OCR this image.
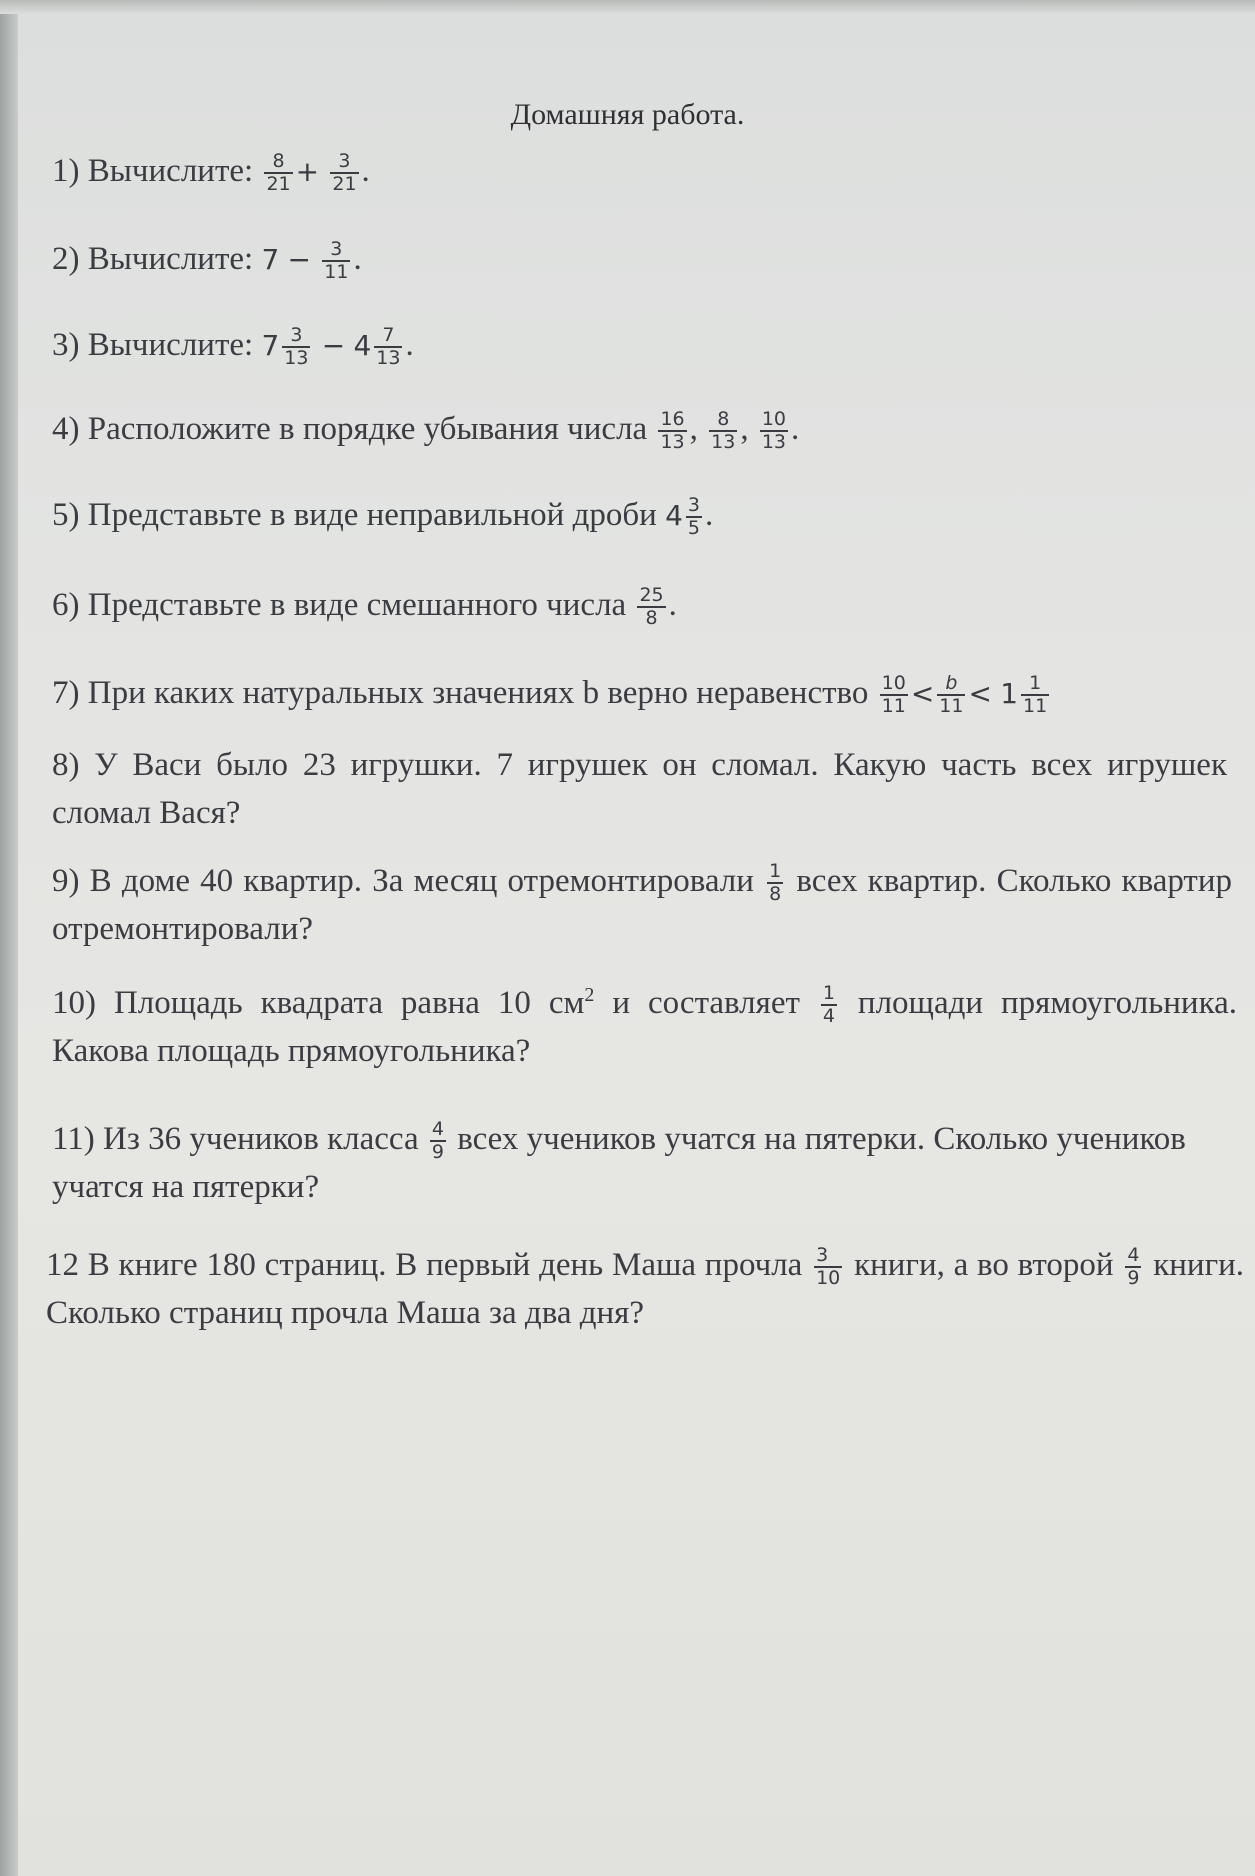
Домашняя работа.
1) Вычислите: $\frac{8}{21} + \frac{3}{21}$ .
2) Вычислите: $7 - \frac{3}{11}$ .
3) Вычислите: $7 \frac{3}{13} - 4 \frac{7}{13}$ .
4) Расположите в порядке убывания числа $\frac{16}{13}$ , $\frac{8}{13}$ , $\frac{10}{13}$ .
5) Представьте в виде неправильной дроби $4 \frac{3}{5}$ .
6) Представьте в виде смешанного числа $\frac{25}{8}$ .
7) При каких натуральных значениях b верно неравенство $\frac{10}{11} < \frac{b}{11} < 1 \frac{1}{11}$
8) У Васи было 23 игрушки. 7 игрушек он сломал. Какую часть всех игрушек сломал Вася?
9) В доме 40 квартир. За месяц отремонтировали $\frac{1}{8}$ всех квартир. Сколько квартир отремонтировали?
10) Площадь квадрата равна 10 $см^2$ и составляет $\frac{1}{4}$ площади прямоугольника. Какова площадь прямоугольника?
11) Из 36 учеников класса $\frac{4}{9}$ всех учеников учатся на пятерки. Сколько учеников учатся на пятерки?
12 В книге 180 страниц. В первый день Маша прочла $\frac{3}{10}$ книги, а во второй $\frac{4}{9}$ книги. Сколько страниц прочла Маша за два дня?
